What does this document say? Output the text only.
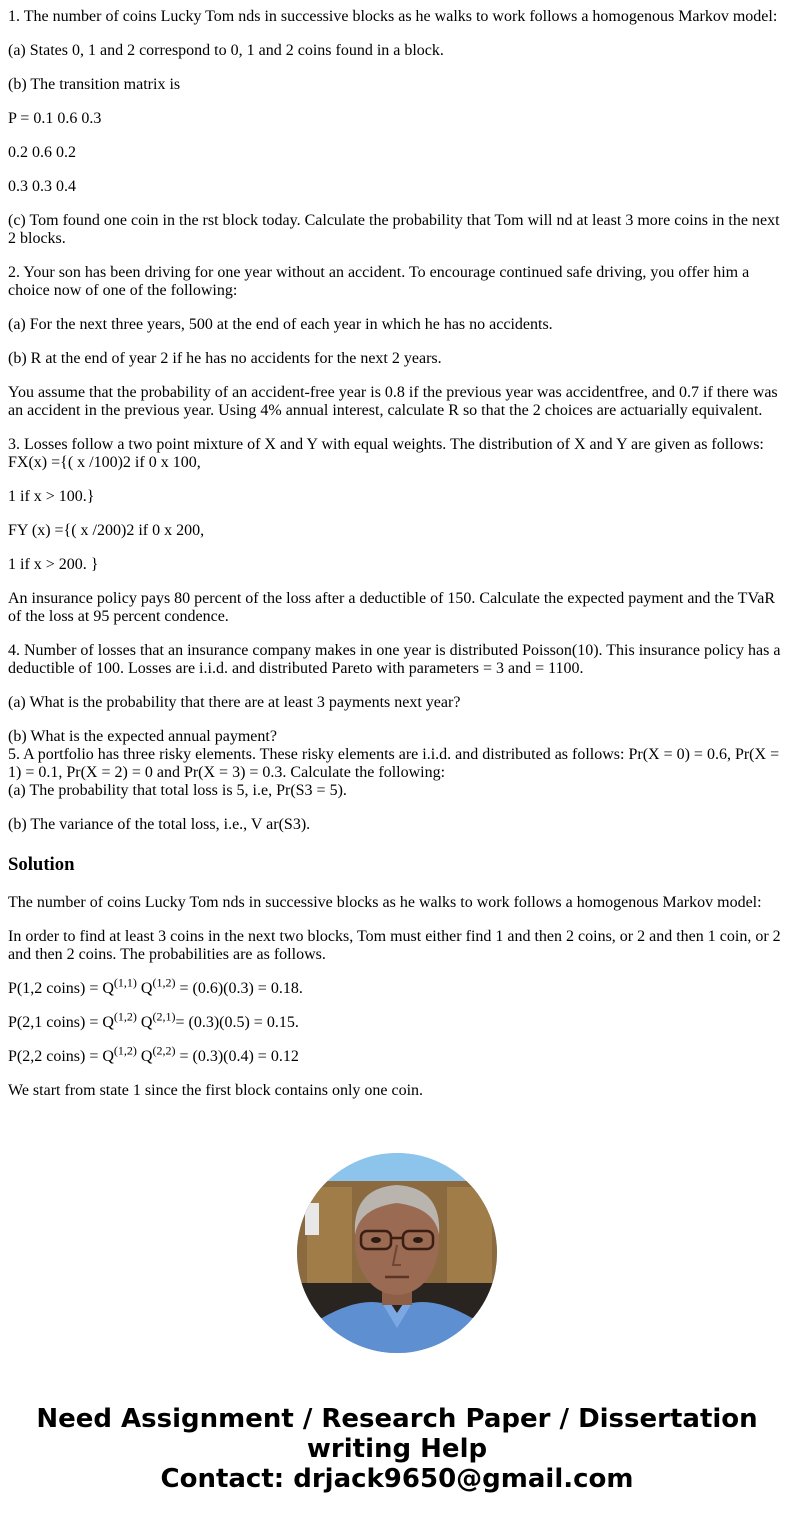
1. The number of coins Lucky Tom nds in successive blocks as he walks to work follows a homogenous Markov model:

(a) States 0, 1 and 2 correspond to 0, 1 and 2 coins found in a block.

(b) The transition matrix is

P = 0.1 0.6 0.3

0.2 0.6 0.2

0.3 0.3 0.4

(c) Tom found one coin in the rst block today. Calculate the probability that Tom will nd at least 3 more coins in the next 2 blocks.

2. Your son has been driving for one year without an accident. To encourage continued safe driving, you offer him a choice now of one of the following:

(a) For the next three years, 500 at the end of each year in which he has no accidents.

(b) R at the end of year 2 if he has no accidents for the next 2 years.

You assume that the probability of an accident-free year is 0.8 if the previous year was accidentfree, and 0.7 if there was an accident in the previous year. Using 4% annual interest, calculate R so that the 2 choices are actuarially equivalent.

3. Losses follow a two point mixture of X and Y with equal weights. The distribution of X and Y are given as follows:

FX(x) ={( x /100)2 if 0 x 100,

1 if x > 100.}

FY (x) ={( x /200)2 if 0 x 200,

1 if x > 200. }

An insurance policy pays 80 percent of the loss after a deductible of 150. Calculate the expected payment and the TVaR of the loss at 95 percent condence.

4. Number of losses that an insurance company makes in one year is distributed Poisson(10). This insurance policy has a deductible of 100. Losses are i.i.d. and distributed Pareto with parameters = 3 and = 1100.

(a) What is the probability that there are at least 3 payments next year?

(b) What is the expected annual payment?

5. A portfolio has three risky elements. These risky elements are i.i.d. and distributed as follows: Pr(X = 0) = 0.6, Pr(X = 1) = 0.1, Pr(X = 2) = 0 and Pr(X = 3) = 0.3. Calculate the following:

(a) The probability that total loss is 5, i.e, Pr(S3 = 5).

(b) The variance of the total loss, i.e., V ar(S3).

Solution

The number of coins Lucky Tom nds in successive blocks as he walks to work follows a homogenous Markov model:

In order to find at least 3 coins in the next two blocks, Tom must either find 1 and then 2 coins, or 2 and then 1 coin, or 2 and then 2 coins. The probabilities are as follows.

P(1,2 coins) = Q$^{(1,1)}$ Q$^{(1,2)}$ = (0.6)(0.3) = 0.18.

P(2,1 coins) = Q$^{(1,2)}$ Q$^{(2,1)}$= (0.3)(0.5) = 0.15.

P(2,2 coins) = Q$^{(1,2)}$ Q$^{(2,2)}$ = (0.3)(0.4) = 0.12

We start from state 1 since the first block contains only one coin.

Need Assignment / Research Paper / Dissertation
writing Help
Contact: drjack9650@gmail.com
